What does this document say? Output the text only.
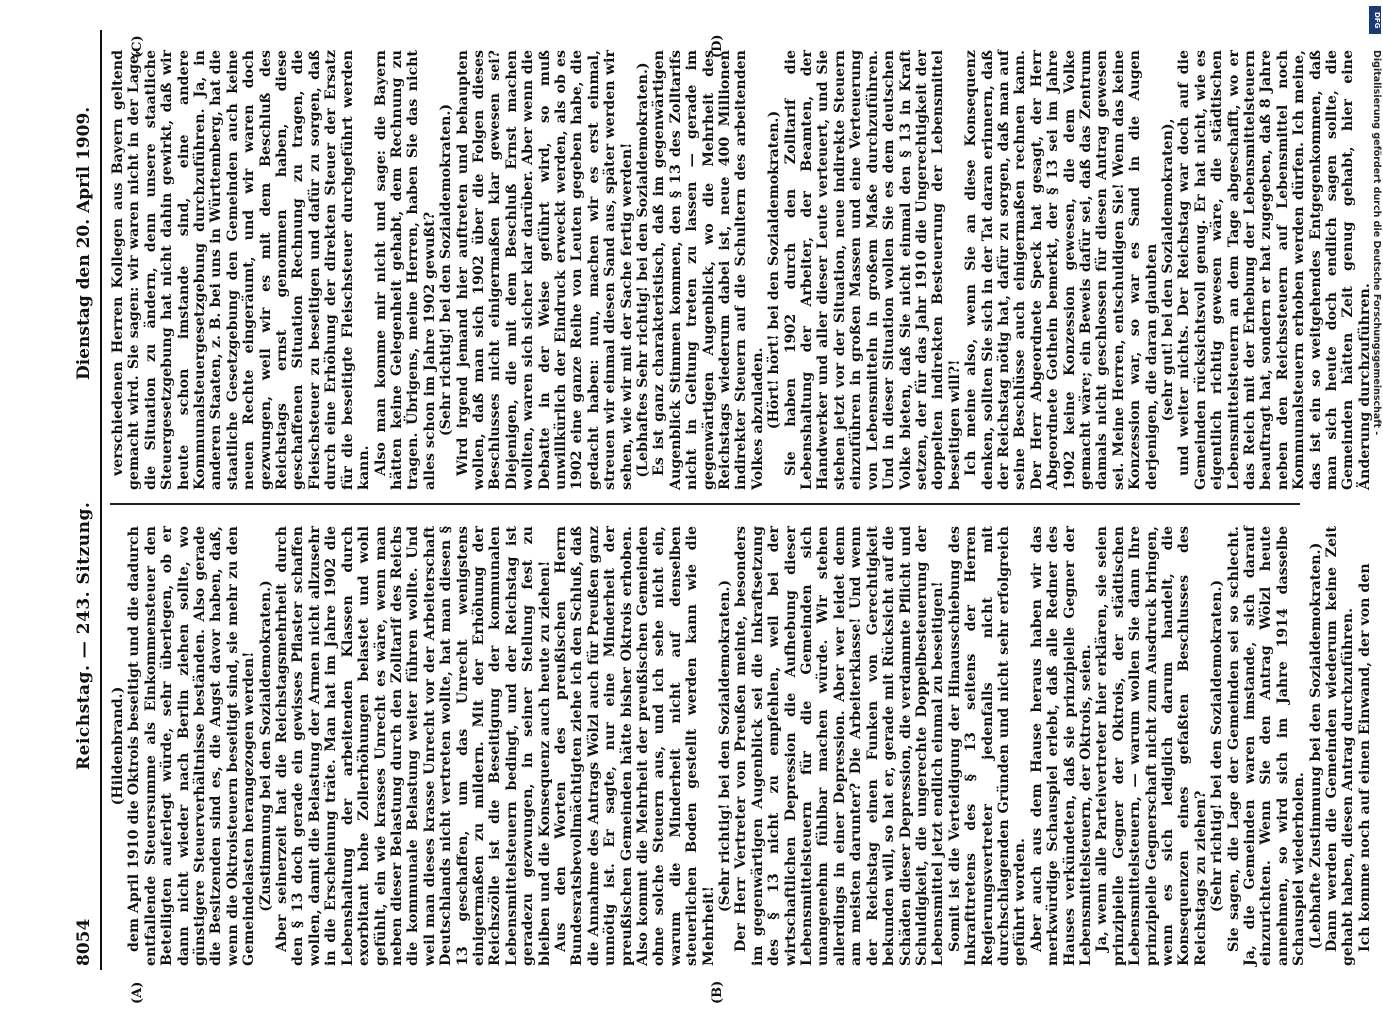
8054
Reichstag. — 243. Sitzung.
Dienstag den 20. April 1909.
(A)	(B)
(C)	(D)

(Hildenbrand.) dem April 1910 die Oktrois beseitigt und die dadurch entfallende Steuersumme als Einkommensteuer den Beteiligten auferlegt würde, sehr überlegen, ob er dann nicht wieder nach Berlin ziehen sollte, wo günstigere Steuerverhältnisse beständen. Also gerade die Besitzenden sind es, die Angst davor haben, daß, wenn die Oktroisteuern beseitigt sind, sie mehr zu den Gemeindelasten herangezogen werden! (Zustimmung bei den Sozialdemokraten.) Aber seinerzeit hat die Reichstagsmehrheit durch den § 13 doch gerade ein gewisses Pflaster schaffen wollen, damit die Belastung der Armen nicht allzusehr in die Erscheinung träte. Man hat im Jahre 1902 die Lebenshaltung der arbeitenden Klassen durch exorbitant hohe Zollerhöhungen belastet und wohl gefühlt, ein wie krasses Unrecht es wäre, wenn man neben dieser Belastung durch den Zolltarif des Reichs die kommunale Belastung weiter führen wollte. Und weil man dieses krasse Unrecht vor der Arbeiterschaft Deutschlands nicht vertreten wollte, hat man diesen § 13 geschaffen, um das Unrecht wenigstens einigermaßen zu mildern. Mit der Erhöhung der Reichszölle ist die Beseitigung der kommunalen Lebensmittelsteuern bedingt, und der Reichstag ist geradezu gezwungen, in seiner Stellung fest zu bleiben und die Konsequenz auch heute zu ziehen! Aus den Worten des preußischen Herrn Bundesratsbevollmächtigten ziehe ich den Schluß, daß die Annahme des Antrags Wölzl auch für Preußen ganz unnötig ist. Er sagte, nur eine Minderheit der preußischen Gemeinden hätte bisher Oktrois erhoben. Also kommt die Mehrheit der preußischen Gemeinden ohne solche Steuern aus, und ich sehe nicht ein, warum die Minderheit nicht auf denselben steuerlichen Boden gestellt werden kann wie die Mehrheit!

(Sehr richtig! bei den Sozialdemokraten.) Der Herr Vertreter von Preußen meinte, besonders im gegenwärtigen Augenblick sei die Inkraftsetzung des § 13 nicht zu empfehlen, weil bei der wirtschaftlichen Depression die Aufhebung dieser Lebensmittelsteuern für die Gemeinden sich unangenehm fühlbar machen würde. Wir stehen allerdings in einer Depression. Aber wer leidet denn am meisten darunter? Die Arbeiterklasse! Und wenn der Reichstag einen Funken von Gerechtigkeit bekunden will, so hat er, gerade mit Rücksicht auf die Schäden dieser Depression, die verdammte Pflicht und Schuldigkeit, die ungerechte Doppelbesteuerung der Lebensmittel jetzt endlich einmal zu beseitigen! Somit ist die Verteidigung der Hinausschiebung des Inkrafttretens des § 13 seitens der Herren Regierungsvertreter jedenfalls nicht mit durchschlagenden Gründen und nicht sehr erfolgreich geführt worden. Aber auch aus dem Hause heraus haben wir das merkwürdige Schauspiel erlebt, daß alle Redner des Hauses verkündeten, daß sie prinzipielle Gegner der Lebensmittelsteuern, der Oktrois, seien. Ja, wenn alle Parteivertreter hier erklären, sie seien prinzipielle Gegner der Oktrois, der städtischen Lebensmittelsteuern, — warum wollen Sie dann Ihre prinzipielle Gegnerschaft nicht zum Ausdruck bringen, wenn es sich lediglich darum handelt, die Konsequenzen eines gefaßten Beschlusses des Reichstags zu ziehen? (Sehr richtig! bei den Sozialdemokraten.) Sie sagen, die Lage der Gemeinden sei so schlecht. Ja, die Gemeinden waren imstande, sich darauf einzurichten. Wenn Sie den Antrag Wölzl heute annehmen, so wird sich im Jahre 1914 dasselbe Schauspiel wiederholen. (Lebhafte Zustimmung bei den Sozialdemokraten.) Dann werden die Gemeinden wiederum keine Zeit gehabt haben, diesen Antrag durchzuführen. Ich komme noch auf einen Einwand, der von den

verschiedenen Herren Kollegen aus Bayern geltend gemacht wird. Sie sagen: wir waren nicht in der Lage, die Situation zu ändern, denn unsere staatliche Steuergesetzgebung hat nicht dahin gewirkt, daß wir heute schon imstande sind, eine andere Kommunalsteuergesetzgebung durchzuführen. Ja, in anderen Staaten, z. B. bei uns in Württemberg, hat die staatliche Gesetzgebung den Gemeinden auch keine neuen Rechte eingeräumt, und wir waren doch gezwungen, weil wir es mit dem Beschluß des Reichstags ernst genommen haben, diese geschaffenen Situation Rechnung zu tragen, die Fleischsteuer zu beseitigen und dafür zu sorgen, daß durch eine Erhöhung der direkten Steuer der Ersatz für die beseitigte Fleischsteuer durchgeführt werden kann. Also man komme mir nicht und sage: die Bayern hätten keine Gelegenheit gehabt, dem Rechnung zu tragen. Übrigens, meine Herren, haben Sie das nicht alles schon im Jahre 1902 gewußt? (Sehr richtig! bei den Sozialdemokraten.) Wird irgend jemand hier auftreten und behaupten wollen, daß man sich 1902 über die Folgen dieses Beschlusses nicht einigermaßen klar gewesen sei? Diejenigen, die mit dem Beschluß Ernst machen wollten, waren sich sicher klar darüber. Aber wenn die Debatte in der Weise geführt wird, so muß unwillkürlich der Eindruck erweckt werden, als ob es 1902 eine ganze Reihe von Leuten gegeben habe, die gedacht haben: nun, machen wir es erst einmal, streuen wir einmal diesen Sand aus, später werden wir sehen, wie wir mit der Sache fertig werden! (Lebhaftes Sehr richtig! bei den Sozialdemokraten.) Es ist ganz charakteristisch, daß im gegenwärtigen Augenblick Stimmen kommen, den § 13 des Zolltarifs nicht in Geltung treten zu lassen — gerade im gegenwärtigen Augenblick, wo die Mehrheit des Reichstags wiederum dabei ist, neue 400 Millionen indirekter Steuern auf die Schultern des arbeitenden Volkes abzuladen. (Hört! hört! bei den Sozialdemokraten.) Sie haben 1902 durch den Zolltarif die Lebenshaltung der Arbeiter, der Beamten, der Handwerker und aller dieser Leute verteuert, und Sie stehen jetzt vor der Situation, neue indirekte Steuern einzuführen in großen Massen und eine Verteuerung von Lebensmitteln in großem Maße durchzuführen. Und in dieser Situation wollen Sie es dem deutschen Volke bieten, daß Sie nicht einmal den § 13 in Kraft setzen, der für das Jahr 1910 die Ungerechtigkeit der doppelten indirekten Besteuerung der Lebensmittel beseitigen will?! Ich meine also, wenn Sie an diese Konsequenz denken, sollten Sie sich in der Tat daran erinnern, daß der Reichstag nötig hat, dafür zu sorgen, daß man auf seine Beschlüsse auch einigermaßen rechnen kann. Der Herr Abgeordnete Speck hat gesagt, der Herr Abgeordnete Gothein bemerkt, der § 13 sei im Jahre 1902 keine Konzession gewesen, die dem Volke gemacht wäre; ein Beweis dafür sei, daß das Zentrum damals nicht geschlossen für diesen Antrag gewesen sei. Meine Herren, entschuldigen Sie! Wenn das keine Konzession war, so war es Sand in die Augen derjenigen, die daran glaubten (sehr gut! bei den Sozialdemokraten), und weiter nichts. Der Reichstag war doch auf die Gemeinden rücksichtsvoll genug. Er hat nicht, wie es eigentlich richtig gewesen wäre, die städtischen Lebensmittelsteuern an dem Tage abgeschafft, wo er das Reich mit der Erhebung der Lebensmittelsteuern beauftragt hat, sondern er hat zugegeben, daß 8 Jahre neben den Reichssteuern auf Lebensmittel noch Kommunalsteuern erhoben werden dürfen. Ich meine, das ist ein so weitgehendes Entgegenkommen, daß man sich heute doch endlich sagen sollte, die Gemeinden hätten Zeit genug gehabt, hier eine Änderung durchzuführen.

DFG
Digitalisierung gefördert durch die Deutsche Forschungsgemeinschaft -
